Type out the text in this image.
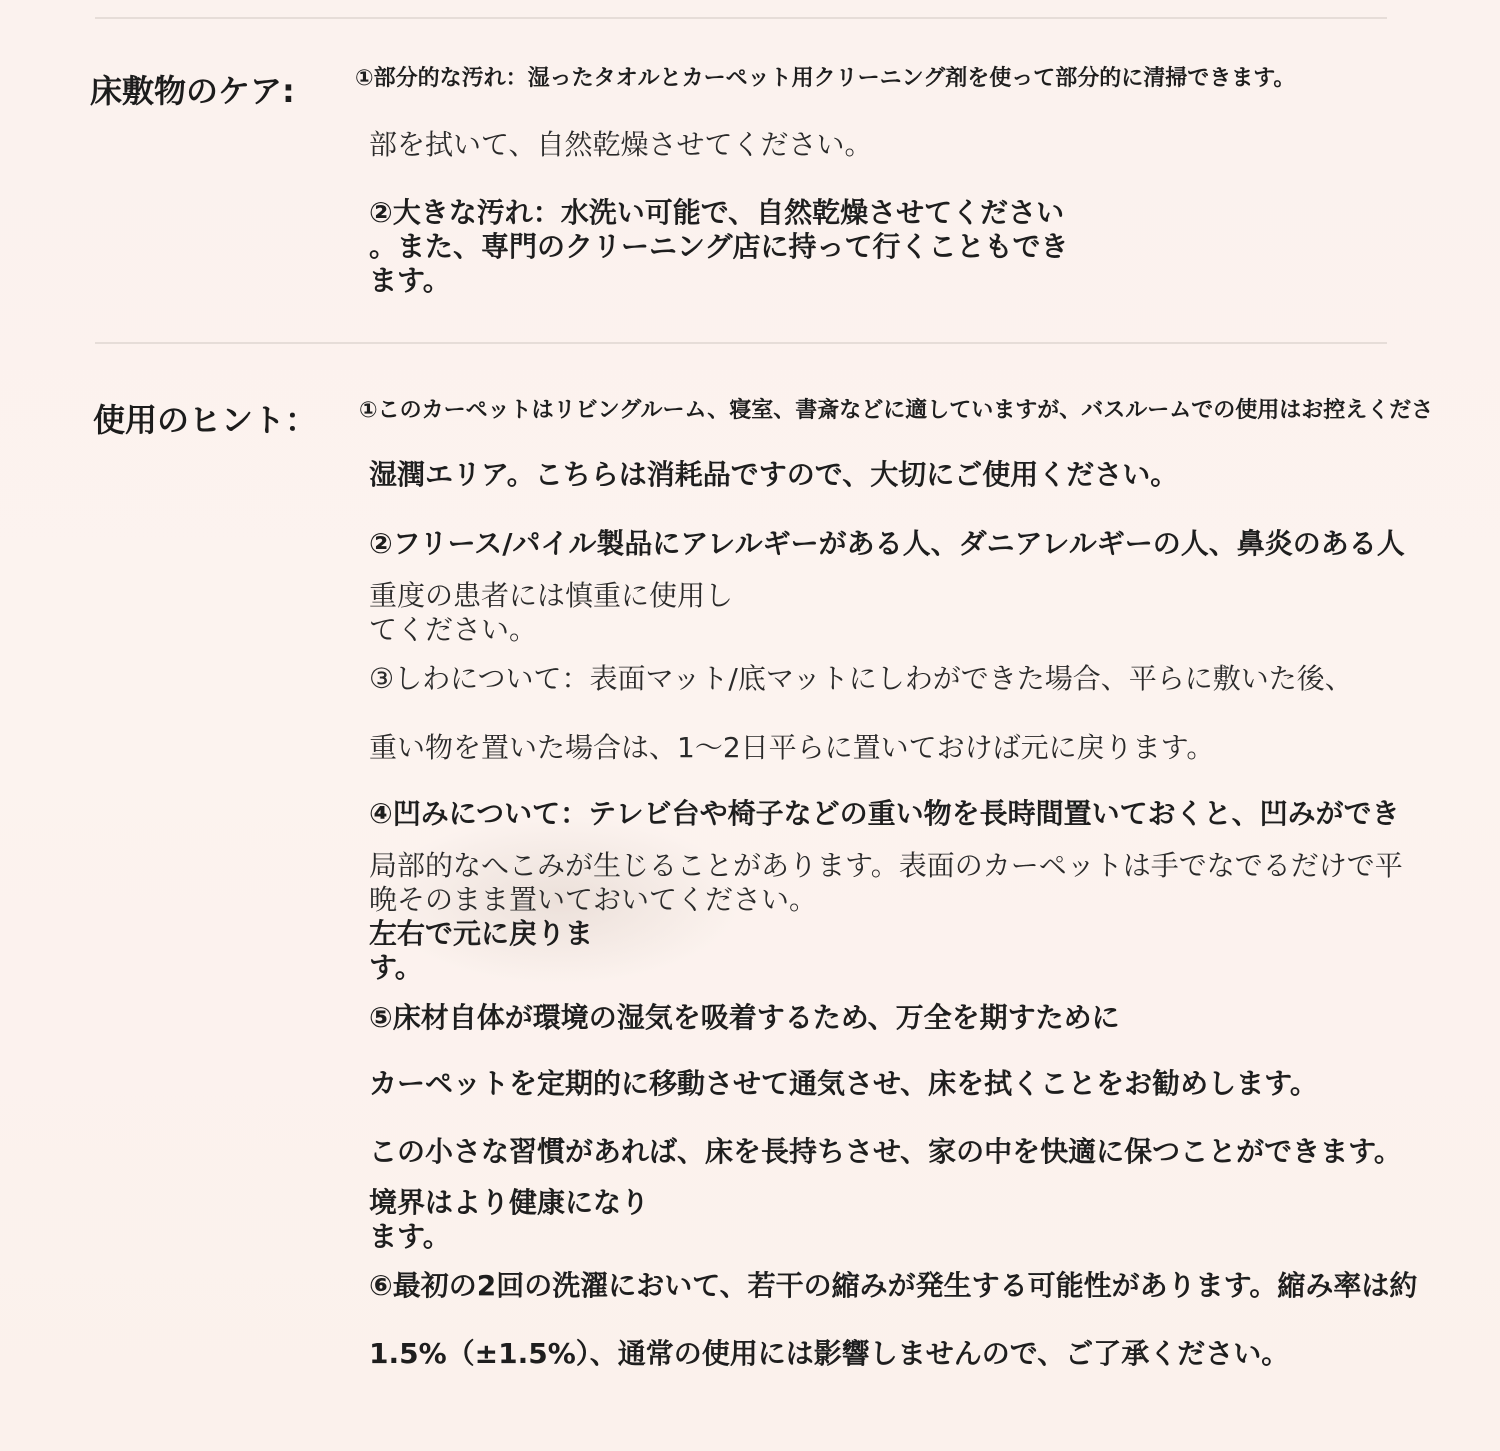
床敷物のケア:	①部分的な汚れ：湿ったタオルとカーペット用クリーニング剤を使って部分的に清掃できます。
部を拭いて、自然乾燥させてください。
②大きな汚れ：水洗い可能で、自然乾燥させてください
。また、専門のクリーニング店に持って行くこともでき
ます。
使用のヒント： ①このカーペットはリビングルーム、寝室、書斎などに適していますが、バスルームでの使用はお控えくださ
湿潤エリア。こちらは消耗品ですので、大切にご使用ください。
②フリース/パイル製品にアレルギーがある人、ダニアレルギーの人、鼻炎のある人
重度の患者には慎重に使用し
てください。
③しわについて：表面マット/底マットにしわができた場合、平らに敷いた後、
重い物を置いた場合は、1〜2日平らに置いておけば元に戻ります。
④凹みについて：テレビ台や椅子などの重い物を長時間置いておくと、凹みができ
局部的なへこみが生じることがあります。表面のカーペットは手でなでるだけで平
晩そのまま置いておいてください。
左右で元に戻りま
す。
⑤床材自体が環境の湿気を吸着するため、万全を期すために
カーペットを定期的に移動させて通気させ、床を拭くことをお勧めします。
この小さな習慣があれば、床を長持ちさせ、家の中を快適に保つことができます。
境界はより健康になり
ます。
⑥最初の2回の洗濯において、若干の縮みが発生する可能性があります。縮み率は約
1.5%（±1.5%）、通常の使用には影響しませんので、ご了承ください。
